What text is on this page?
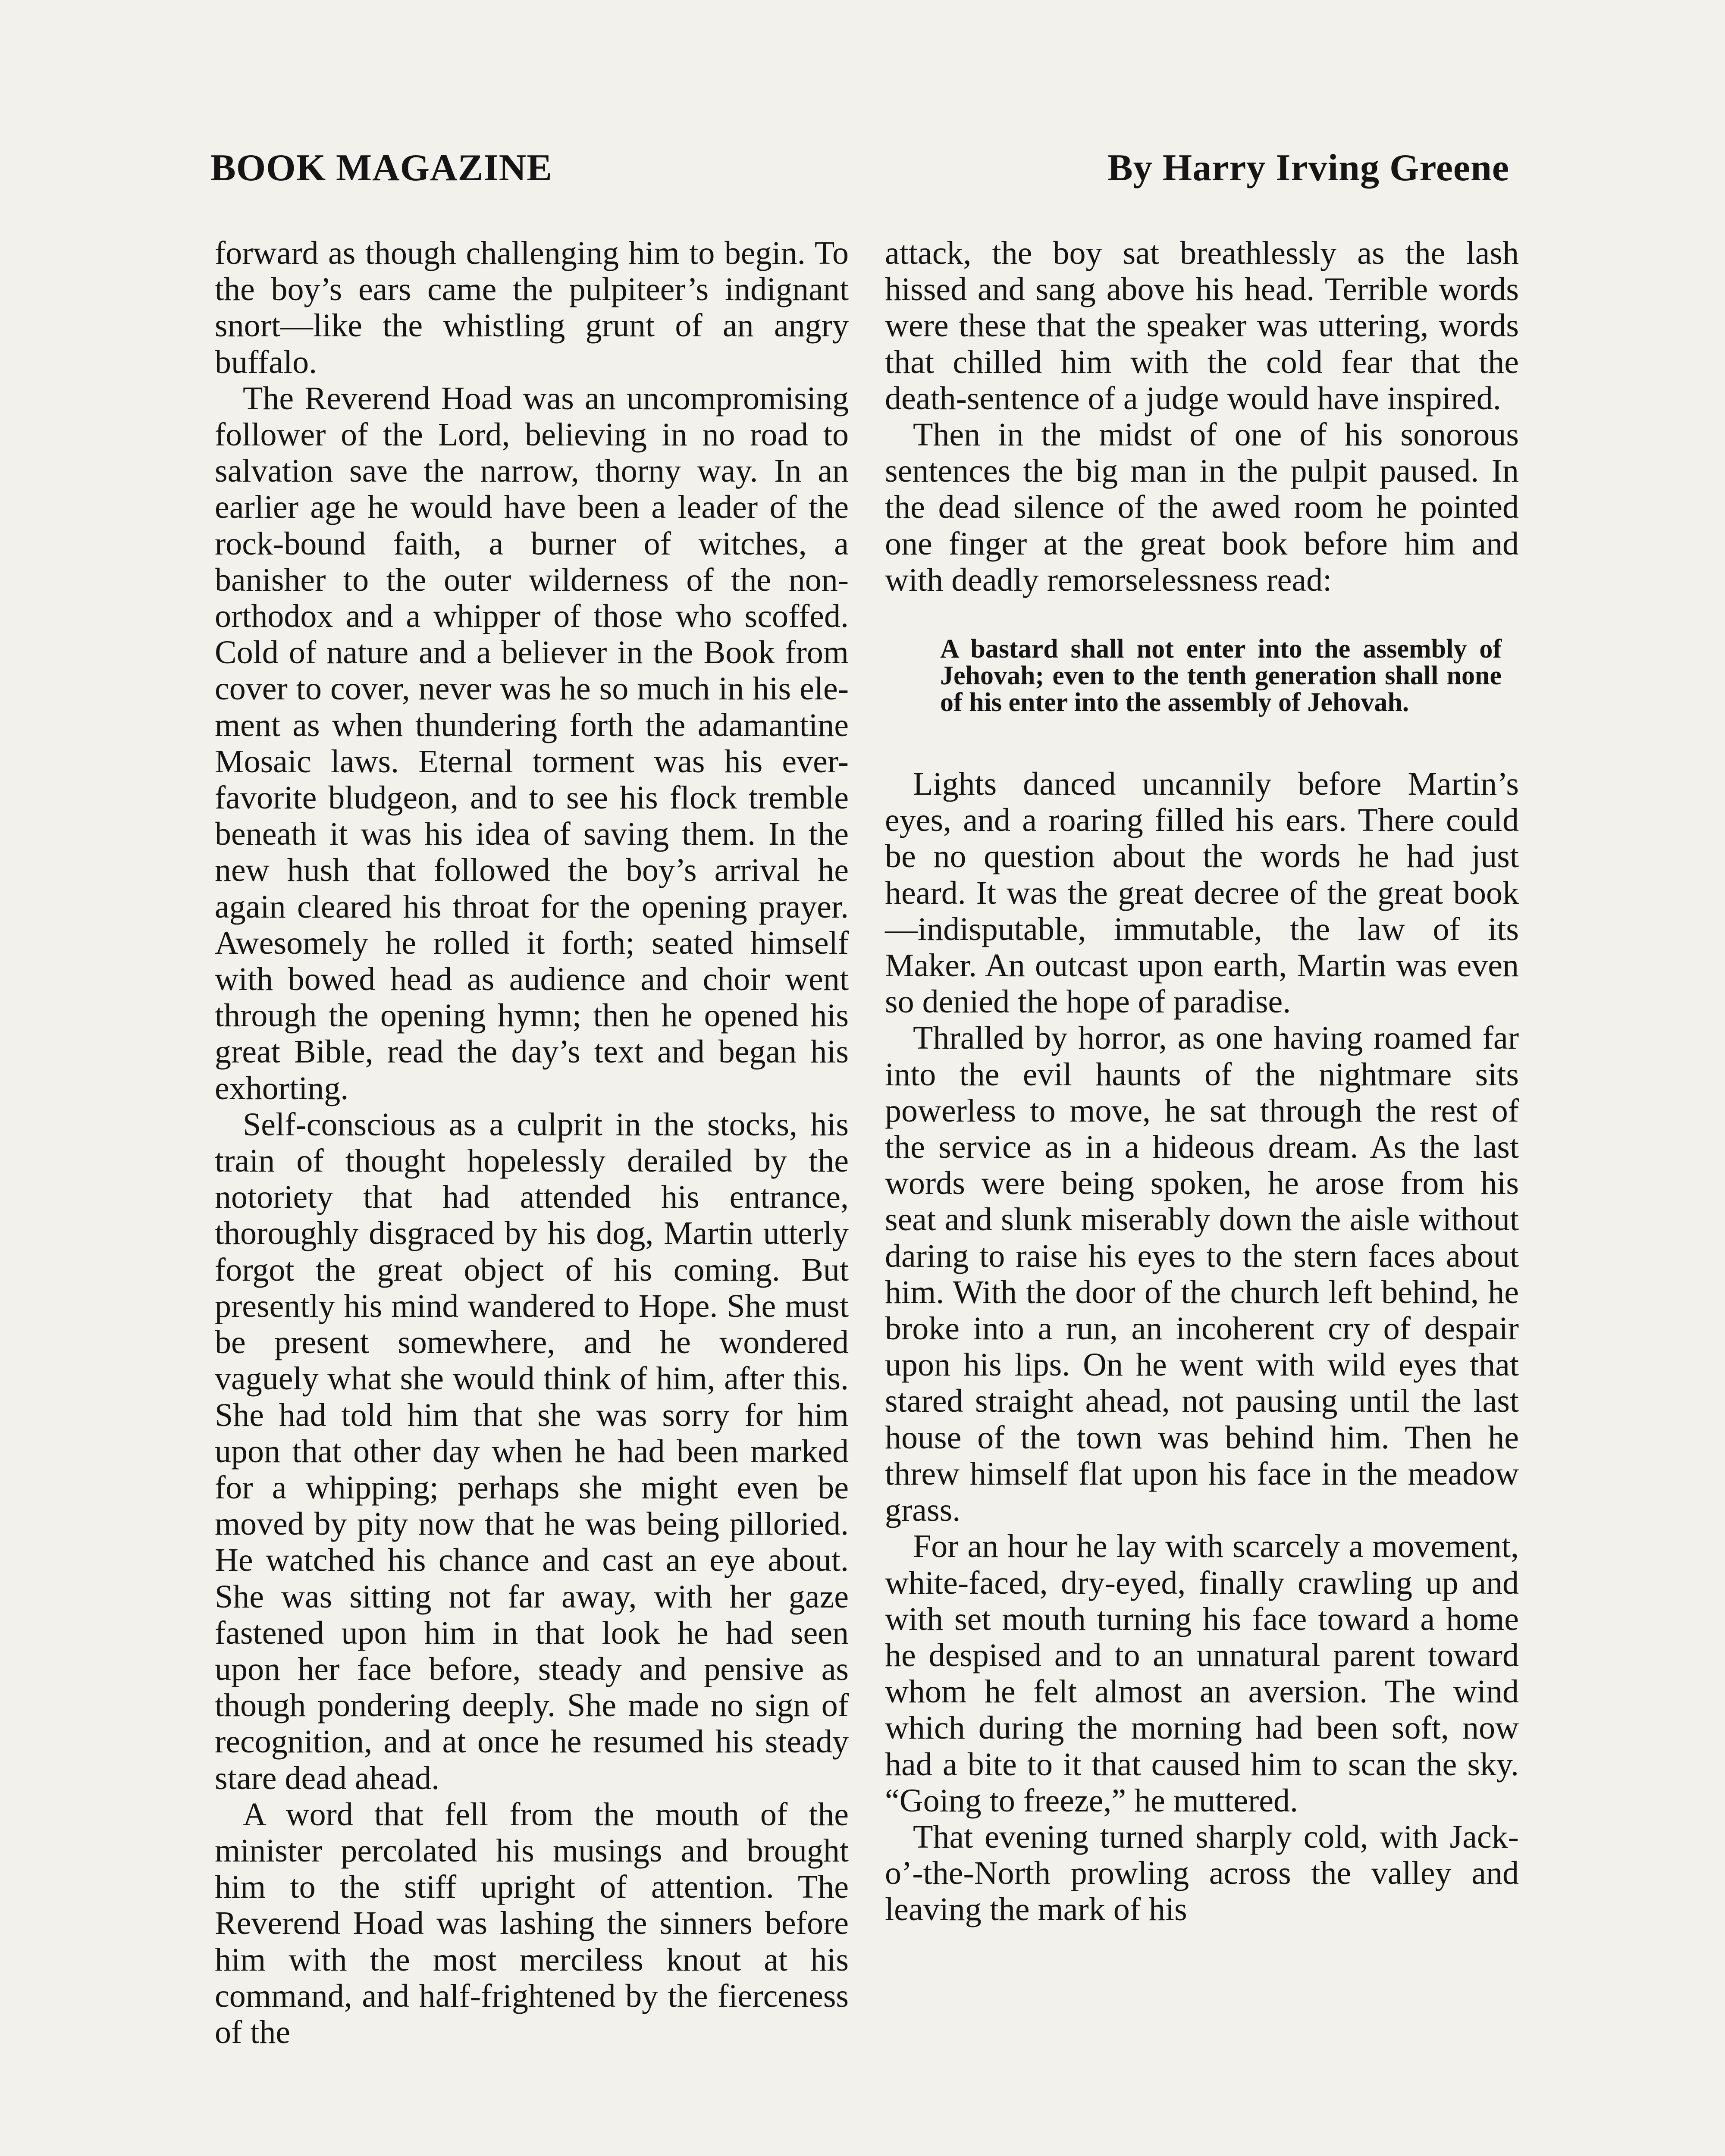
BOOK MAGAZINE	By Harry Irving Greene

forward as though challenging him to begin. To the boy’s ears came the pulpiteer’s indignant snort—like the whistling grunt of an angry buffalo.

The Reverend Hoad was an uncompromising follower of the Lord, believing in no road to salvation save the narrow, thorny way. In an earlier age he would have been a leader of the rock-bound faith, a burner of witches, a banisher to the outer wilderness of the non-orthodox and a whipper of those who scoffed. Cold of nature and a believer in the Book from cover to cover, never was he so much in his element as when thundering forth the adamantine Mosaic laws. Eternal torment was his ever-favorite bludgeon, and to see his flock tremble beneath it was his idea of saving them. In the new hush that followed the boy’s arrival he again cleared his throat for the opening prayer. Awesomely he rolled it forth; seated himself with bowed head as audience and choir went through the opening hymn; then he opened his great Bible, read the day’s text and began his exhorting.

Self-conscious as a culprit in the stocks, his train of thought hopelessly derailed by the notoriety that had attended his entrance, thoroughly disgraced by his dog, Martin utterly forgot the great object of his coming. But presently his mind wandered to Hope. She must be present somewhere, and he wondered vaguely what she would think of him, after this. She had told him that she was sorry for him upon that other day when he had been marked for a whipping; perhaps she might even be moved by pity now that he was being pilloried. He watched his chance and cast an eye about. She was sitting not far away, with her gaze fastened upon him in that look he had seen upon her face before, steady and pensive as though pondering deeply. She made no sign of recognition, and at once he resumed his steady stare dead ahead.

A word that fell from the mouth of the minister percolated his musings and brought him to the stiff upright of attention. The Reverend Hoad was lashing the sinners before him with the most merciless knout at his command, and half-frightened by the fierceness of the

attack, the boy sat breathlessly as the lash hissed and sang above his head. Terrible words were these that the speaker was uttering, words that chilled him with the cold fear that the death-sentence of a judge would have inspired.

Then in the midst of one of his sonorous sentences the big man in the pulpit paused. In the dead silence of the awed room he pointed one finger at the great book before him and with deadly remorselessness read:

A bastard shall not enter into the assembly of Jehovah; even to the tenth generation shall none of his enter into the assembly of Jehovah.

Lights danced uncannily before Martin’s eyes, and a roaring filled his ears. There could be no question about the words he had just heard. It was the great decree of the great book—indisputable, immutable, the law of its Maker. An outcast upon earth, Martin was even so denied the hope of paradise.

Thralled by horror, as one having roamed far into the evil haunts of the nightmare sits powerless to move, he sat through the rest of the service as in a hideous dream. As the last words were being spoken, he arose from his seat and slunk miserably down the aisle without daring to raise his eyes to the stern faces about him. With the door of the church left behind, he broke into a run, an incoherent cry of despair upon his lips. On he went with wild eyes that stared straight ahead, not pausing until the last house of the town was behind him. Then he threw himself flat upon his face in the meadow grass.

For an hour he lay with scarcely a movement, white-faced, dry-eyed, finally crawling up and with set mouth turning his face toward a home he despised and to an unnatural parent toward whom he felt almost an aversion. The wind which during the morning had been soft, now had a bite to it that caused him to scan the sky. “Going to freeze,” he muttered.

That evening turned sharply cold, with Jack-o’-the-North prowling across the valley and leaving the mark of his
